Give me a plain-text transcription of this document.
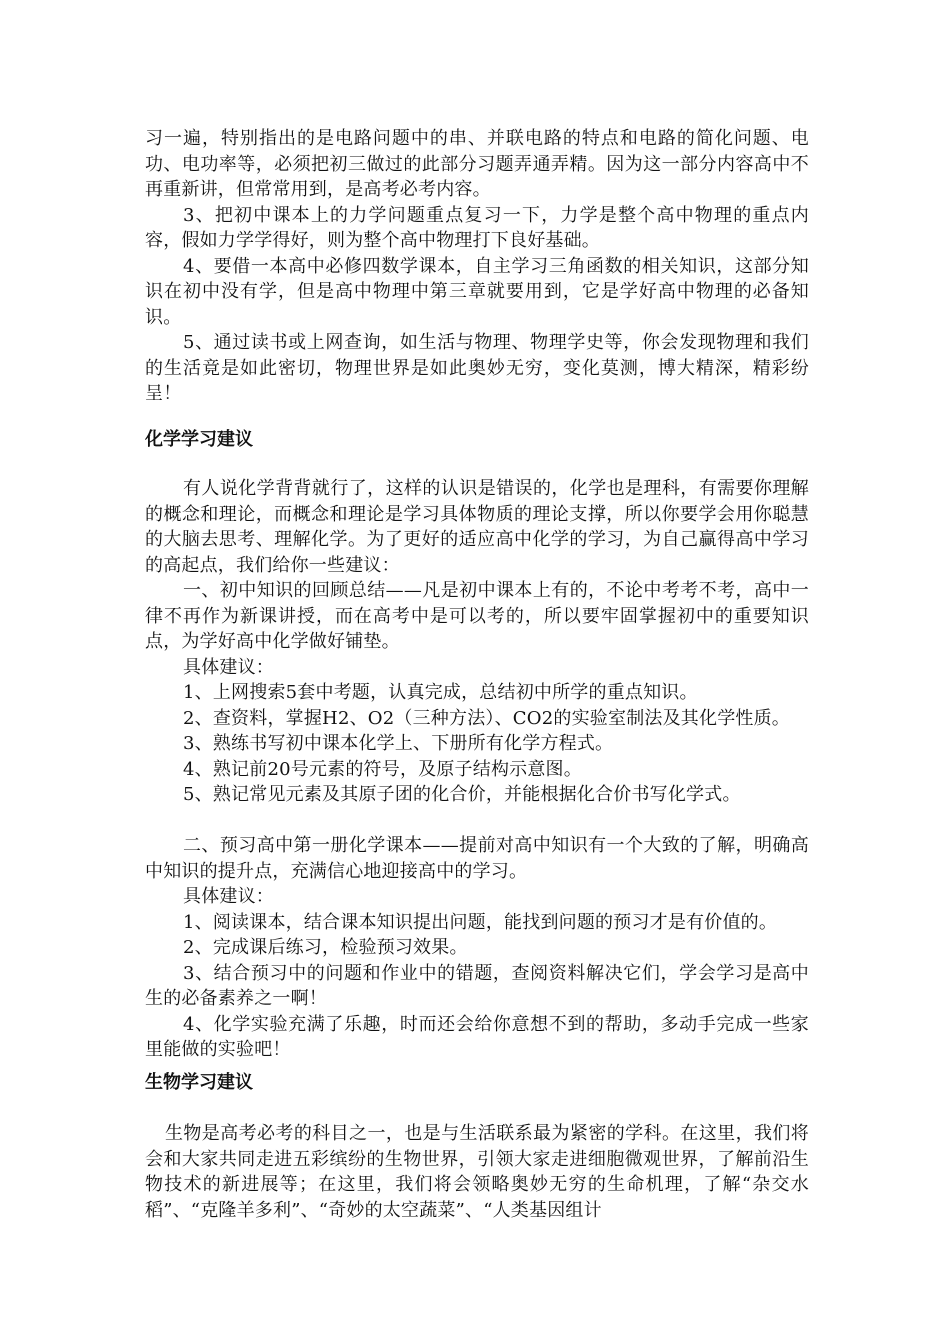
习一遍，特别指出的是电路问题中的串、并联电路的特点和电路的简化问题、电功、电功率等，必须把初三做过的此部分习题弄通弄精。因为这一部分内容高中不再重新讲，但常常用到，是高考必考内容。

3、把初中课本上的力学问题重点复习一下，力学是整个高中物理的重点内容，假如力学学得好，则为整个高中物理打下良好基础。

4、要借一本高中必修四数学课本，自主学习三角函数的相关知识，这部分知识在初中没有学，但是高中物理中第三章就要用到，它是学好高中物理的必备知识。

5、通过读书或上网查询，如生活与物理、物理学史等，你会发现物理和我们的生活竟是如此密切，物理世界是如此奥妙无穷，变化莫测，博大精深，精彩纷呈！

化学学习建议

有人说化学背背就行了，这样的认识是错误的，化学也是理科，有需要你理解的概念和理论，而概念和理论是学习具体物质的理论支撑，所以你要学会用你聪慧的大脑去思考、理解化学。为了更好的适应高中化学的学习，为自己赢得高中学习的高起点，我们给你一些建议：

一、初中知识的回顾总结——凡是初中课本上有的，不论中考考不考，高中一律不再作为新课讲授，而在高考中是可以考的，所以要牢固掌握初中的重要知识点，为学好高中化学做好铺垫。

具体建议：

1、上网搜索5套中考题，认真完成，总结初中所学的重点知识。

2、查资料，掌握H2、O2（三种方法）、CO2的实验室制法及其化学性质。

3、熟练书写初中课本化学上、下册所有化学方程式。

4、熟记前20号元素的符号，及原子结构示意图。

5、熟记常见元素及其原子团的化合价，并能根据化合价书写化学式。

二、预习高中第一册化学课本——提前对高中知识有一个大致的了解，明确高中知识的提升点，充满信心地迎接高中的学习。

具体建议：

1、阅读课本，结合课本知识提出问题，能找到问题的预习才是有价值的。

2、完成课后练习，检验预习效果。

3、结合预习中的问题和作业中的错题，查阅资料解决它们，学会学习是高中生的必备素养之一啊！

4、化学实验充满了乐趣，时而还会给你意想不到的帮助，多动手完成一些家里能做的实验吧！

生物学习建议

生物是高考必考的科目之一，也是与生活联系最为紧密的学科。在这里，我们将会和大家共同走进五彩缤纷的生物世界，引领大家走进细胞微观世界，了解前沿生物技术的新进展等；在这里，我们将会领略奥妙无穷的生命机理，了解“杂交水稻”、“克隆羊多利”、“奇妙的太空蔬菜”、“人类基因组计
